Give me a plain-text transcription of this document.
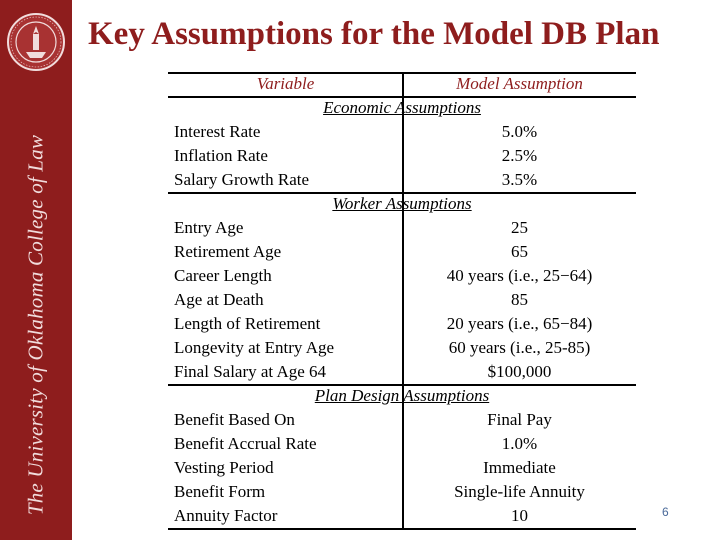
The University of Oklahoma College of Law
Key Assumptions for the Model DB Plan
Variable	Model Assumption
Economic Assumptions
Interest Rate	5.0%
Inflation Rate	2.5%
Salary Growth Rate	3.5%
Worker Assumptions
Entry Age	25
Retirement Age	65
Career Length	40 years (i.e., 25−64)
Age at Death	85
Length of Retirement	20 years (i.e., 65−84)
Longevity at Entry Age	60 years (i.e., 25-85)
Final Salary at Age 64	$100,000
Plan Design Assumptions
Benefit Based On	Final Pay
Benefit Accrual Rate	1.0%
Vesting Period	Immediate
Benefit Form	Single-life Annuity
Annuity Factor	10	6
